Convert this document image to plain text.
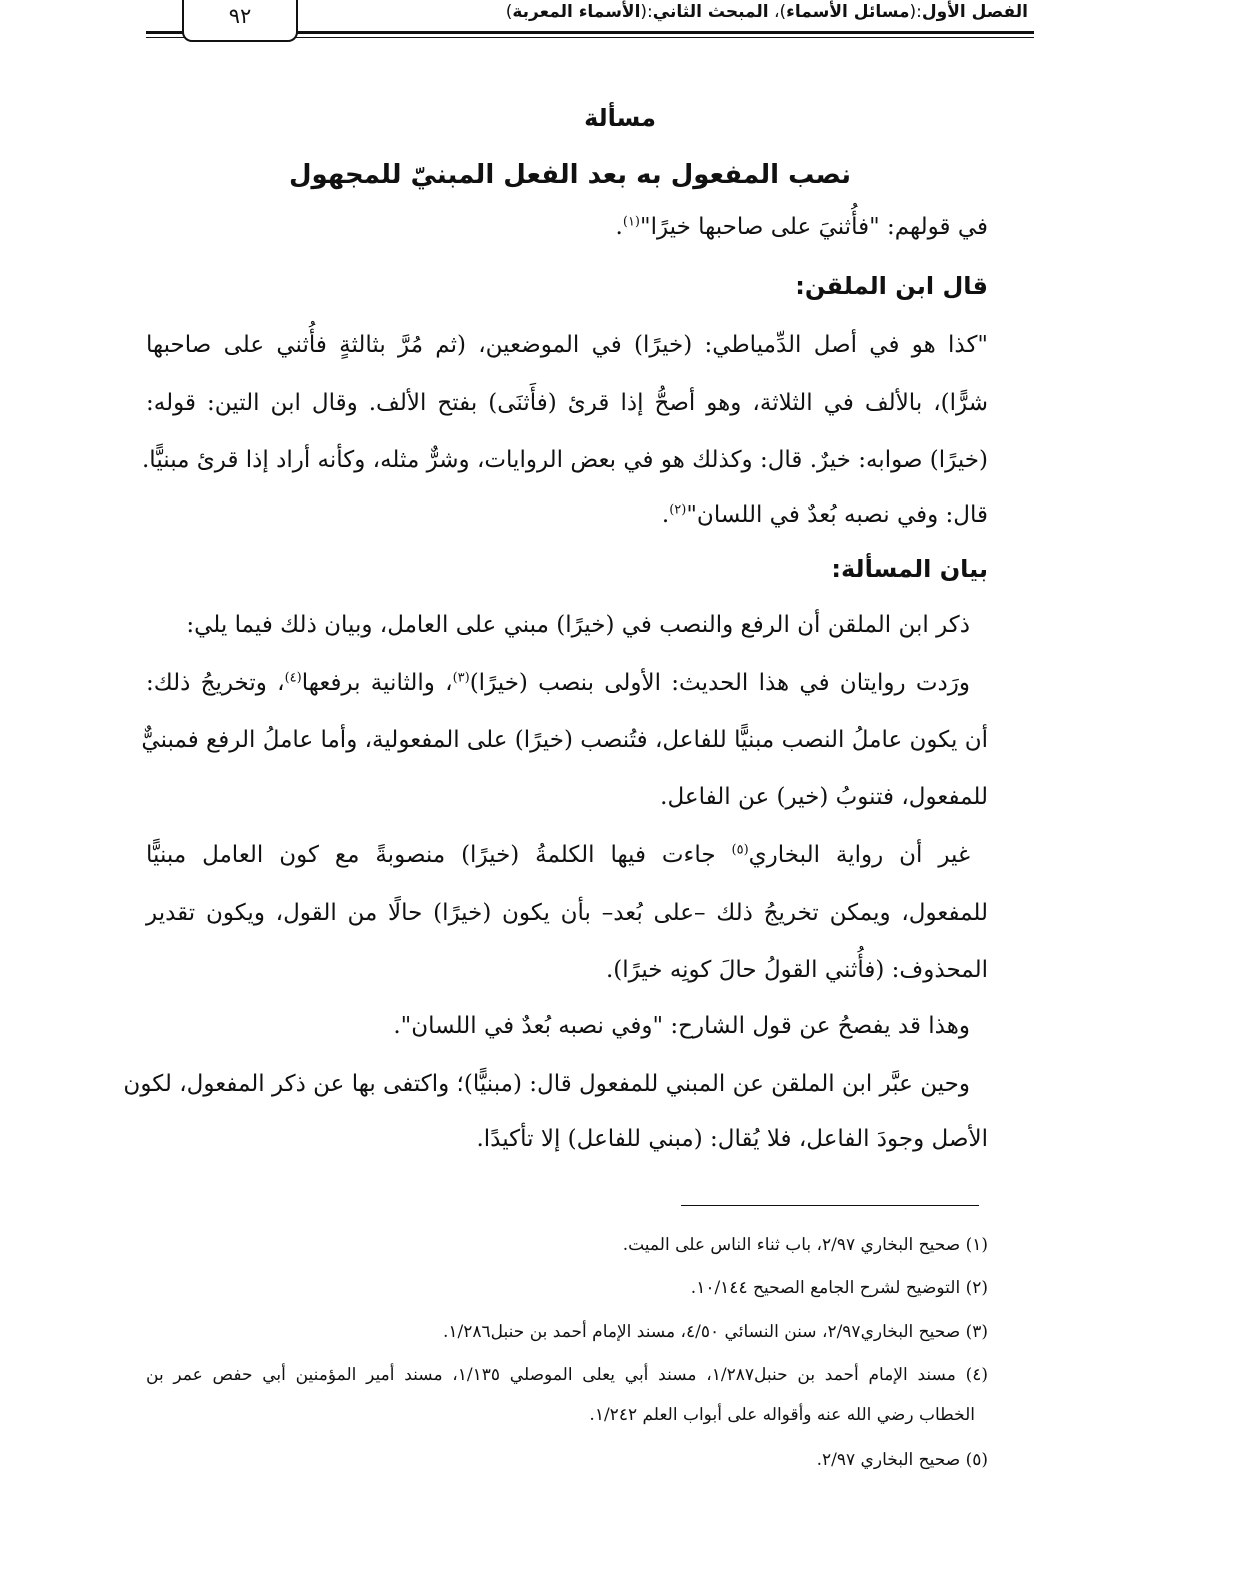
الفصل الأول:(مسائل الأسماء)، المبحث الثاني:(الأسماء المعربة)
٩٢
مسألة
نصب المفعول به بعد الفعل المبنيّ للمجهول
في قولهم: "فأُثنيَ على صاحبها خيرًا"$^{(١)}$.
قال ابن الملقن:
"كذا هو في أصل الدِّمياطي: (خيرًا) في الموضعين، (ثم مُرَّ بثالثةٍ فأُثني على صاحبها
شرًّا)، بالألف في الثلاثة، وهو أصحُّ إذا قرئ (فأَثنَى) بفتح الألف. وقال ابن التين: قوله:
(خيرًا) صوابه: خيرٌ. قال: وكذلك هو في بعض الروايات، وشرٌّ مثله، وكأنه أراد إذا قرئ مبنيًّا.
قال: وفي نصبه بُعدٌ في اللسان"$^{(٢)}$.
بيان المسألة:
ذكر ابن الملقن أن الرفع والنصب في (خيرًا) مبني على العامل، وبيان ذلك فيما يلي:
ورَدت روايتان في هذا الحديث: الأولى بنصب (خيرًا)$^{(٣)}$، والثانية برفعها$^{(٤)}$، وتخريجُ ذلك:
أن يكون عاملُ النصب مبنيًّا للفاعل، فتُنصب (خيرًا) على المفعولية، وأما عاملُ الرفع فمبنيٌّ
للمفعول، فتنوبُ (خير) عن الفاعل.
غير أن رواية البخاري$^{(٥)}$ جاءت فيها الكلمةُ (خيرًا) منصوبةً مع كون العامل مبنيًّا
للمفعول، ويمكن تخريجُ ذلك –على بُعد– بأن يكون (خيرًا) حالًا من القول، ويكون تقدير
المحذوف: (فأُثني القولُ حالَ كونِه خيرًا).
وهذا قد يفصحُ عن قول الشارح: "وفي نصبه بُعدٌ في اللسان".
وحين عبَّر ابن الملقن عن المبني للمفعول قال: (مبنيًّا)؛ واكتفى بها عن ذكر المفعول، لكون
الأصل وجودَ الفاعل، فلا يُقال: (مبني للفاعل) إلا تأكيدًا.
(١) صحيح البخاري ٢/٩٧، باب ثناء الناس على الميت.
(٢) التوضيح لشرح الجامع الصحيح ١٠/١٤٤.
(٣) صحيح البخاري٢/٩٧، سنن النسائي ٤/٥٠، مسند الإمام أحمد بن حنبل١/٢٨٦.
(٤) مسند الإمام أحمد بن حنبل١/٢٨٧، مسند أبي يعلى الموصلي ١/١٣٥، مسند أمير المؤمنين أبي حفص عمر بن
الخطاب رضي الله عنه وأقواله على أبواب العلم ١/٢٤٢.
(٥) صحيح البخاري ٢/٩٧.
